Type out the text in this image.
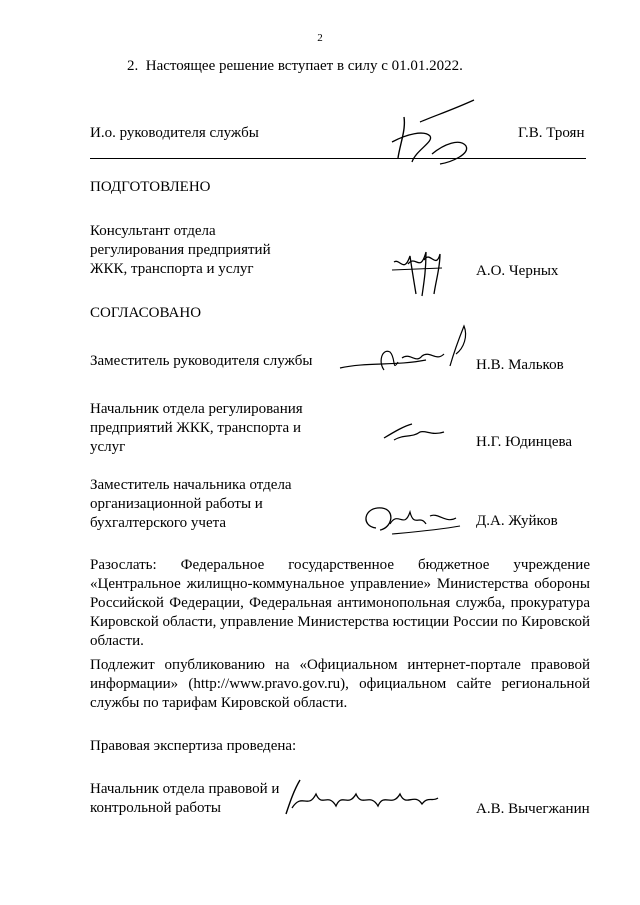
2
2. Настоящее решение вступает в силу с 01.01.2022.
И.о. руководителя службы	Г.В. Троян
ПОДГОТОВЛЕНО
Консультант отдела регулирования предприятий ЖКК, транспорта и услуг	А.О. Черных
СОГЛАСОВАНО
Заместитель руководителя службы	Н.В. Мальков
Начальник отдела регулирования предприятий ЖКК, транспорта и услуг	Н.Г. Юдинцева
Заместитель начальника отдела организационной работы и бухгалтерского учета	Д.А. Жуйков
Разослать: Федеральное государственное бюджетное учреждение «Центральное жилищно-коммунальное управление» Министерства обороны Российской Федерации, Федеральная антимонопольная служба, прокуратура Кировской области, управление Министерства юстиции России по Кировской области.
Подлежит опубликованию на «Официальном интернет-портале правовой информации» (http://www.pravo.gov.ru), официальном сайте региональной службы по тарифам Кировской области.
Правовая экспертиза проведена:
Начальник отдела правовой и контрольной работы	А.В. Вычегжанин
